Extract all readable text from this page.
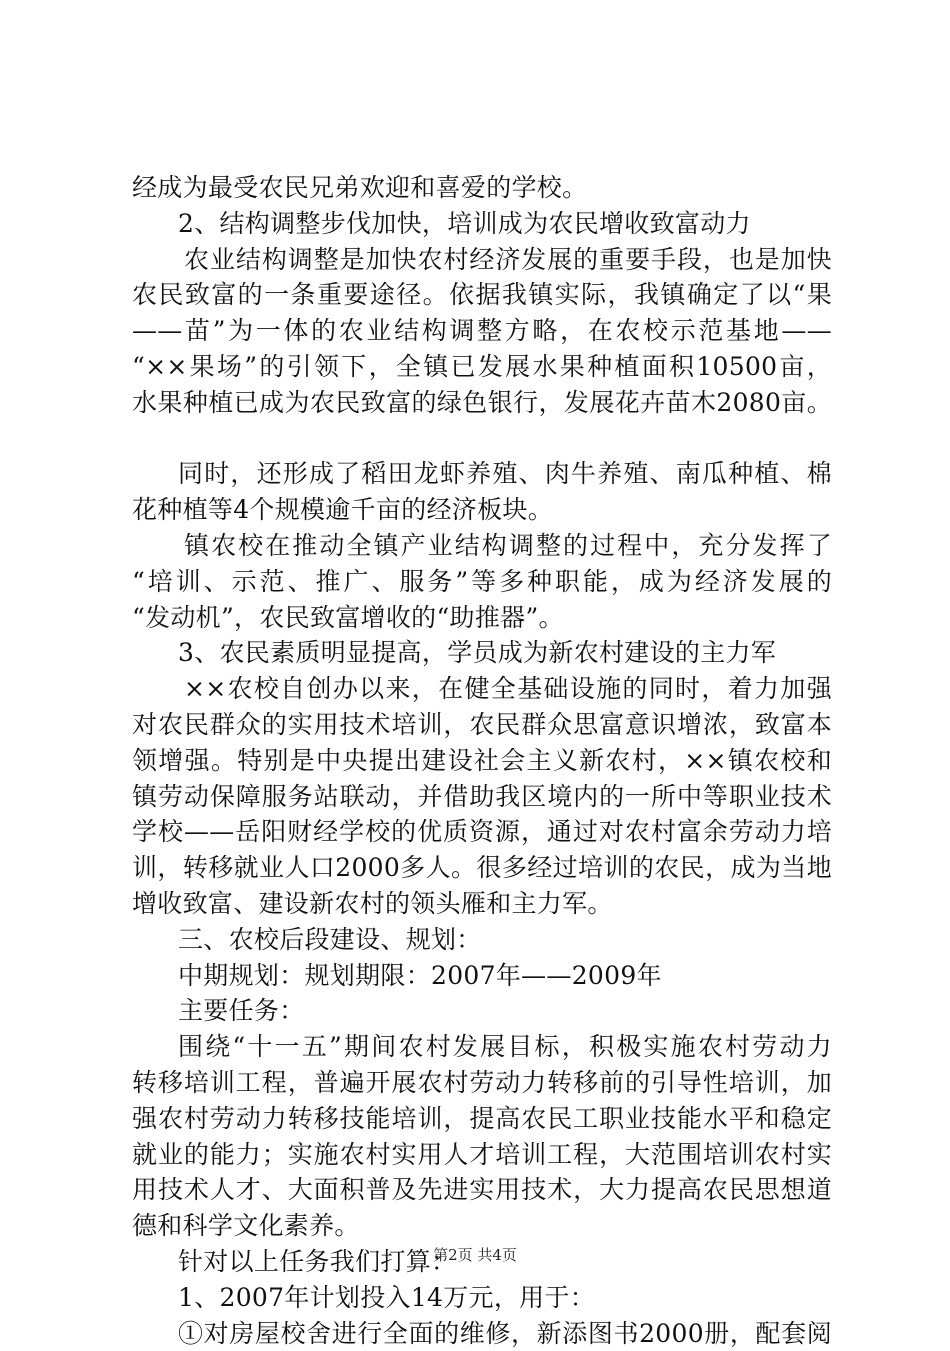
经成为最受农民兄弟欢迎和喜爱的学校。
2、结构调整步伐加快，培训成为农民增收致富动力
农业结构调整是加快农村经济发展的重要手段，也是加快
农民致富的一条重要途径。依据我镇实际，我镇确定了以“果
——苗”为一体的农业结构调整方略，在农校示范基地——
“××果场”的引领下，全镇已发展水果种植面积10500亩，
水果种植已成为农民致富的绿色银行，发展花卉苗木2080亩。
同时，还形成了稻田龙虾养殖、肉牛养殖、南瓜种植、棉
花种植等4个规模逾千亩的经济板块。
镇农校在推动全镇产业结构调整的过程中，充分发挥了
“培训、示范、推广、服务”等多种职能，成为经济发展的
“发动机”，农民致富增收的“助推器”。
3、农民素质明显提高，学员成为新农村建设的主力军
××农校自创办以来，在健全基础设施的同时，着力加强
对农民群众的实用技术培训，农民群众思富意识增浓，致富本
领增强。特别是中央提出建设社会主义新农村，××镇农校和
镇劳动保障服务站联动，并借助我区境内的一所中等职业技术
学校——岳阳财经学校的优质资源，通过对农村富余劳动力培
训，转移就业人口2000多人。很多经过培训的农民，成为当地
增收致富、建设新农村的领头雁和主力军。
三、农校后段建设、规划：
中期规划：规划期限：2007年——2009年
主要任务：
围绕“十一五”期间农村发展目标，积极实施农村劳动力
转移培训工程，普遍开展农村劳动力转移前的引导性培训，加
强农村劳动力转移技能培训，提高农民工职业技能水平和稳定
就业的能力；实施农村实用人才培训工程，大范围培训农村实
用技术人才、大面积普及先进实用技术，大力提高农民思想道
德和科学文化素养。
针对以上任务我们打算：
1、2007年计划投入14万元，用于：
①对房屋校舍进行全面的维修，新添图书2000册，配套阅
第2页 共4页
